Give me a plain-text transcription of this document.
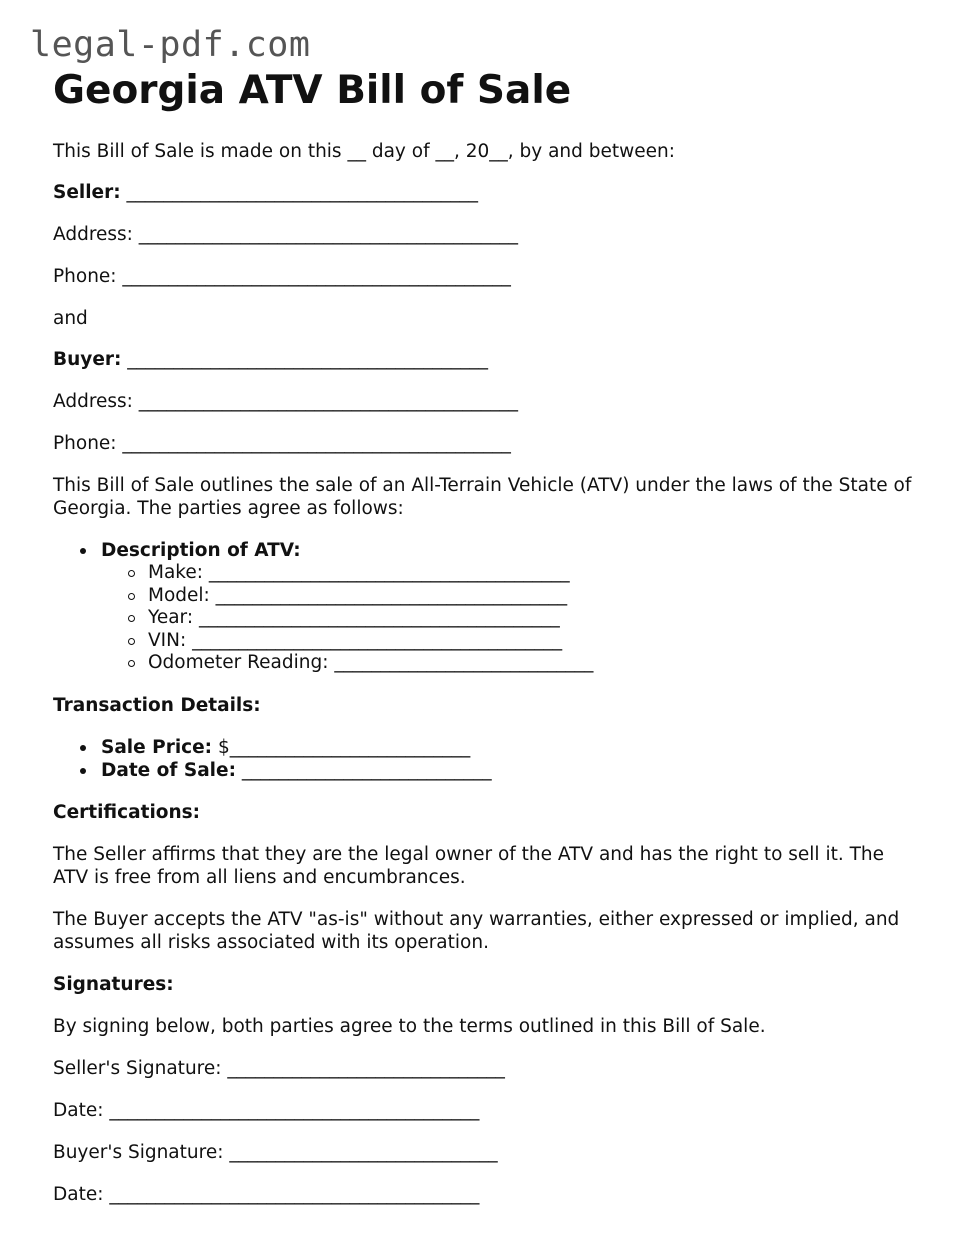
legal-pdf.com
Georgia ATV Bill of Sale

This Bill of Sale is made on this __ day of __, 20__, by and between:

Seller: ______________________________________

Address: _________________________________________

Phone: __________________________________________

and

Buyer: _______________________________________

Address: _________________________________________

Phone: __________________________________________

This Bill of Sale outlines the sale of an All-Terrain Vehicle (ATV) under the laws of the State of Georgia. The parties agree as follows:

Description of ATV:
Make: _______________________________________
Model: ______________________________________
Year: _______________________________________
VIN: ________________________________________
Odometer Reading: ____________________________

Transaction Details:

Sale Price: $__________________________
Date of Sale: ___________________________

Certifications:

The Seller affirms that they are the legal owner of the ATV and has the right to sell it. The ATV is free from all liens and encumbrances.

The Buyer accepts the ATV "as-is" without any warranties, either expressed or implied, and assumes all risks associated with its operation.

Signatures:

By signing below, both parties agree to the terms outlined in this Bill of Sale.

Seller's Signature: ______________________________

Date: ________________________________________

Buyer's Signature: _____________________________

Date: ________________________________________
